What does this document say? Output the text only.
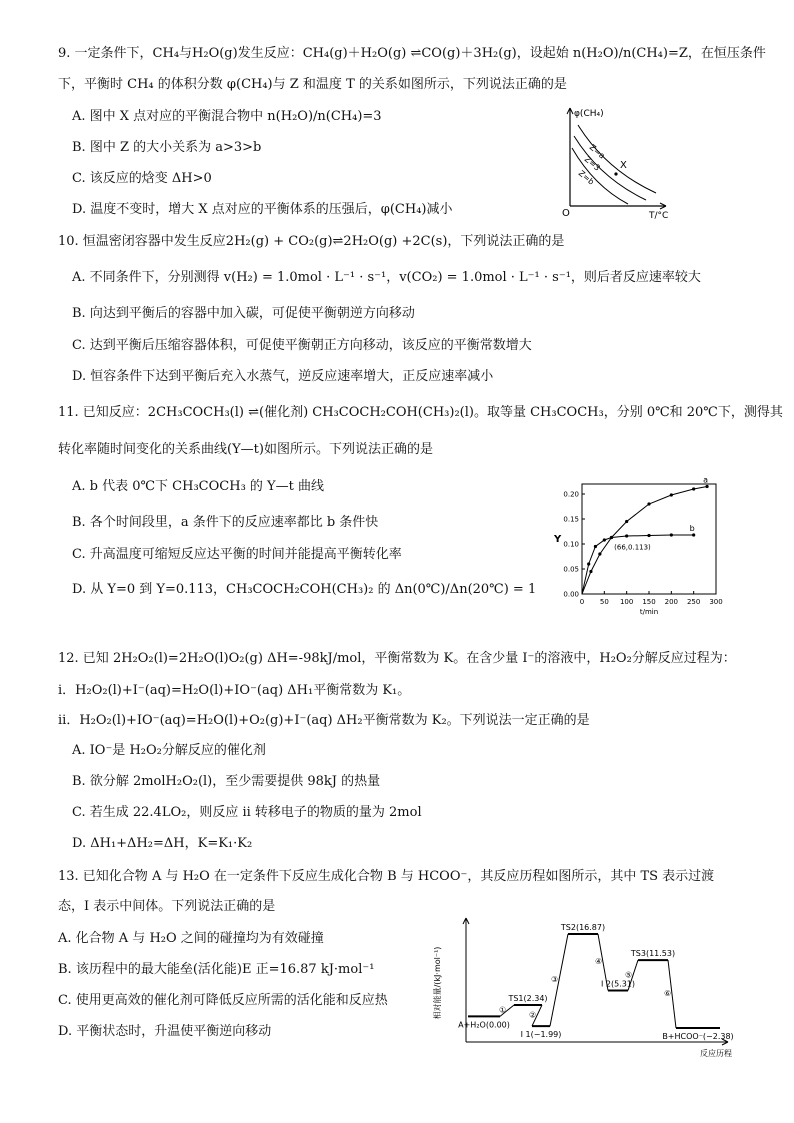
9. 一定条件下，CH₄与H₂O(g)发生反应：CH₄(g)＋H₂O(g) ⇌CO(g)＋3H₂(g)，设起始 n(H₂O)/n(CH₄)=Z，在恒压条件
下，平衡时 CH₄ 的体积分数 φ(CH₄)与 Z 和温度 T 的关系如图所示，下列说法正确的是
A. 图中 X 点对应的平衡混合物中 n(H₂O)/n(CH₄)=3
B. 图中 Z 的大小关系为 a>3>b
C. 该反应的焓变 ΔH>0
D. 温度不变时，增大 X 点对应的平衡体系的压强后，φ(CH₄)减小
φ(CH₄)
T/°C
O
Z=a
Z=3
Z=b
X
10. 恒温密闭容器中发生反应2H₂(g) + CO₂(g)⇌2H₂O(g) +2C(s)，下列说法正确的是
A. 不同条件下，分别测得 v(H₂) = 1.0mol · L⁻¹ · s⁻¹，v(CO₂) = 1.0mol · L⁻¹ · s⁻¹，则后者反应速率较大
B. 向达到平衡后的容器中加入碳，可促使平衡朝逆方向移动
C. 达到平衡后压缩容器体积，可促使平衡朝正方向移动，该反应的平衡常数增大
D. 恒容条件下达到平衡后充入水蒸气，逆反应速率增大，正反应速率减小
11. 已知反应：2CH₃COCH₃(l) ⇌(催化剂) CH₃COCH₂COH(CH₃)₂(l)。取等量 CH₃COCH₃，分别 0℃和 20℃下，测得其
转化率随时间变化的关系曲线(Y—t)如图所示。下列说法正确的是
A. b 代表 0℃下 CH₃COCH₃ 的 Y—t 曲线
B. 各个时间段里，a 条件下的反应速率都比 b 条件快
C. 升高温度可缩短反应达平衡的时间并能提高平衡转化率
D. 从 Y=0 到 Y=0.113，CH₃COCH₂COH(CH₃)₂ 的 Δn(0℃)/Δn(20℃) = 1
0 50 100 150 200 250 300
0.00
0.05
0.10
0.15
0.20
Y
t/min
a
b
(66,0.113)
12. 已知 2H₂O₂(l)=2H₂O(l)O₂(g) ΔH=-98kJ/mol，平衡常数为 K。在含少量 I⁻的溶液中，H₂O₂分解反应过程为：
i．H₂O₂(l)+I⁻(aq)=H₂O(l)+IO⁻(aq) ΔH₁平衡常数为 K₁。
ii．H₂O₂(l)+IO⁻(aq)=H₂O(l)+O₂(g)+I⁻(aq) ΔH₂平衡常数为 K₂。下列说法一定正确的是
A. IO⁻是 H₂O₂分解反应的催化剂
B. 欲分解 2molH₂O₂(l)，至少需要提供 98kJ 的热量
C. 若生成 22.4LO₂，则反应 ii 转移电子的物质的量为 2mol
D. ΔH₁+ΔH₂=ΔH，K=K₁·K₂
13. 已知化合物 A 与 H₂O 在一定条件下反应生成化合物 B 与 HCOO⁻，其反应历程如图所示，其中 TS 表示过渡
态，I 表示中间体。下列说法正确的是
A. 化合物 A 与 H₂O 之间的碰撞均为有效碰撞
B. 该历程中的最大能垒(活化能)E 正=16.87 kJ·mol⁻¹
C. 使用更高效的催化剂可降低反应所需的活化能和反应热
D. 平衡状态时，升温使平衡逆向移动	A+H₂O(0.00)
①
TS1(2.34)
②
I 1(−1.99)
③
TS2(16.87)
④
I 2(5.31)
⑤
TS3(11.53)
⑥
B+HCOO⁻(−2.38)
相对能量/(kJ·mol⁻¹)
反应历程
